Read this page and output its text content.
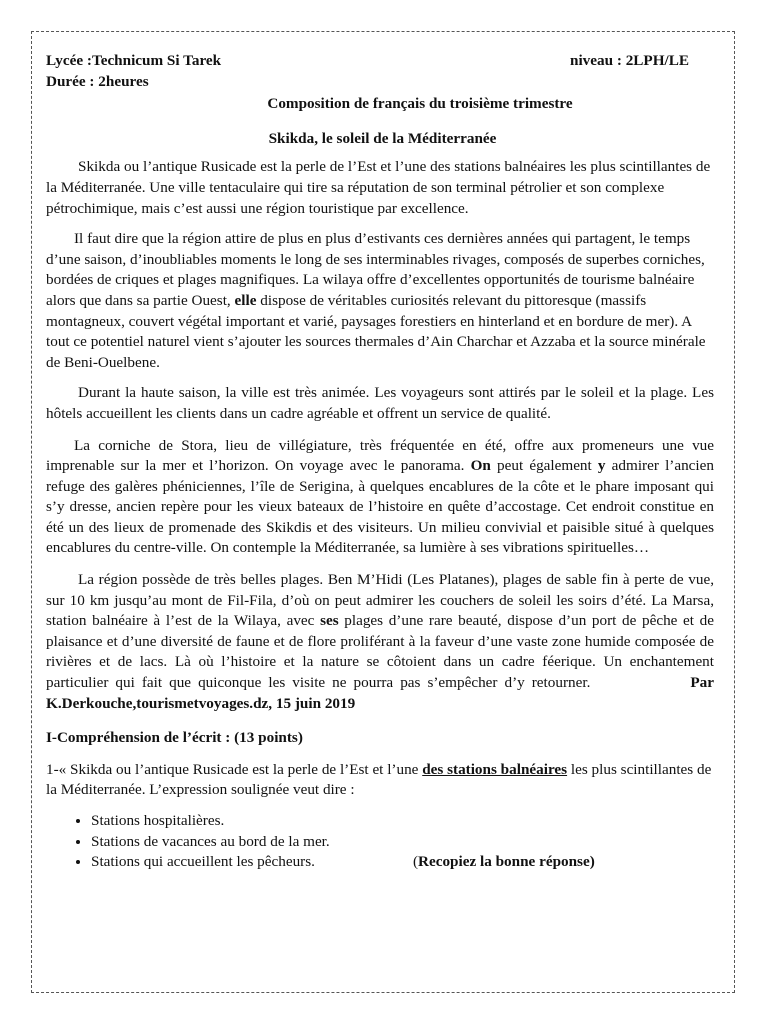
Lycée :Technicum Si Tarek	niveau : 2LPH/LE
Durée : 2heures
Composition de français du troisième trimestre
Skikda, le soleil de la Méditerranée

Skikda ou l’antique Rusicade est la perle de l’Est et l’une des stations balnéaires les plus scintillantes de la Méditerranée. Une ville tentaculaire qui tire sa réputation de son terminal pétrolier et son complexe pétrochimique, mais c’est aussi une région touristique par excellence.

Il faut dire que la région attire de plus en plus d’estivants ces dernières années qui partagent, le temps d’une saison, d’inoubliables moments le long de ses interminables rivages, composés de superbes corniches, bordées de criques et plages magnifiques. La wilaya offre d’excellentes opportunités de tourisme balnéaire alors que dans sa partie Ouest, elle dispose de véritables curiosités relevant du pittoresque (massifs montagneux, couvert végétal important et varié, paysages forestiers en hinterland et en bordure de mer). A tout ce potentiel naturel vient s’ajouter les sources thermales d’Ain Charchar et Azzaba et la source minérale de Beni-Ouelbene.

Durant la haute saison, la ville est très animée. Les voyageurs sont attirés par le soleil et la plage. Les hôtels accueillent les clients dans un cadre agréable et offrent un service de qualité.

La corniche de Stora, lieu de villégiature, très fréquentée en été, offre aux promeneurs une vue imprenable sur la mer et l’horizon. On voyage avec le panorama. On peut également y admirer l’ancien refuge des galères phéniciennes, l’île de Serigina, à quelques encablures de la côte et le phare imposant qui s’y dresse, ancien repère pour les vieux bateaux de l’histoire en quête d’accostage. Cet endroit constitue en été un des lieux de promenade des Skikdis et des visiteurs. Un milieu convivial et paisible situé à quelques encablures du centre-ville. On contemple la Méditerranée, sa lumière à ses vibrations spirituelles…

La région possède de très belles plages. Ben M’Hidi (Les Platanes), plages de sable fin à perte de vue, sur 10 km jusqu’au mont de Fil-Fila, d’où on peut admirer les couchers de soleil les soirs d’été. La Marsa, station balnéaire à l’est de la Wilaya, avec ses plages d’une rare beauté, dispose d’un port de pêche et de plaisance et d’une diversité de faune et de flore proliférant à la faveur d’une vaste zone humide composée de rivières et de lacs. Là où l’histoire et la nature se côtoient dans un cadre féerique. Un enchantement particulier qui fait que quiconque les visite ne pourra pas s’empêcher d’y retourner.	Par K.Derkouche,tourismetvoyages.dz, 15 juin 2019

I-Compréhension de l’écrit : (13 points)

1-« Skikda ou l’antique Rusicade est la perle de l’Est et l’une des stations balnéaires les plus scintillantes de la Méditerranée. L’expression soulignée veut dire :

• Stations hospitalières.
• Stations de vacances au bord de la mer.
• Stations qui accueillent les pêcheurs.	(Recopiez la bonne réponse)
